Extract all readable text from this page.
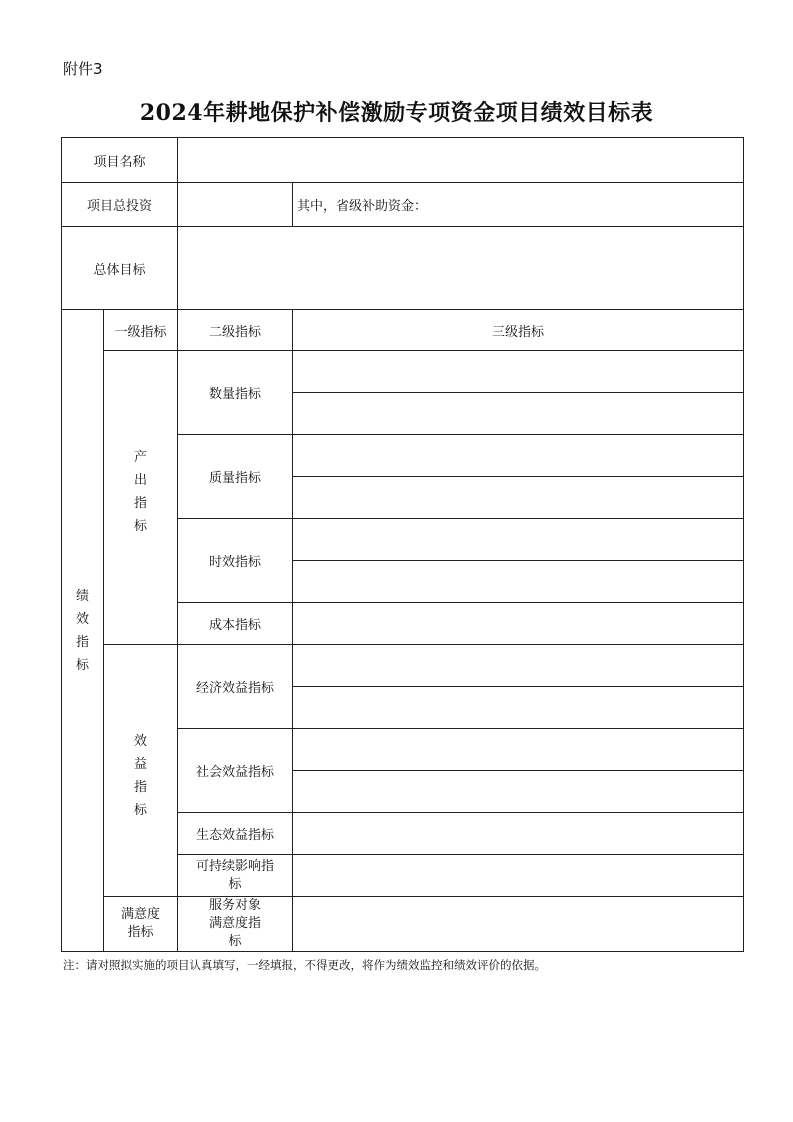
附件3
2024年耕地保护补偿激励专项资金项目绩效目标表
项目名称			
项目总投资			其中，省级补助资金：
总体目标			
绩效指标	一级指标	二级指标	三级指标
	产出指标	数量指标	

		质量指标	

		时效指标	

		成本指标	
	效益指标	经济效益指标	

		社会效益指标	

		生态效益指标	
		可持续影响指标	
	满意度指标	服务对象满意度指标	
注：请对照拟实施的项目认真填写，一经填报，不得更改，将作为绩效监控和绩效评价的依据。
